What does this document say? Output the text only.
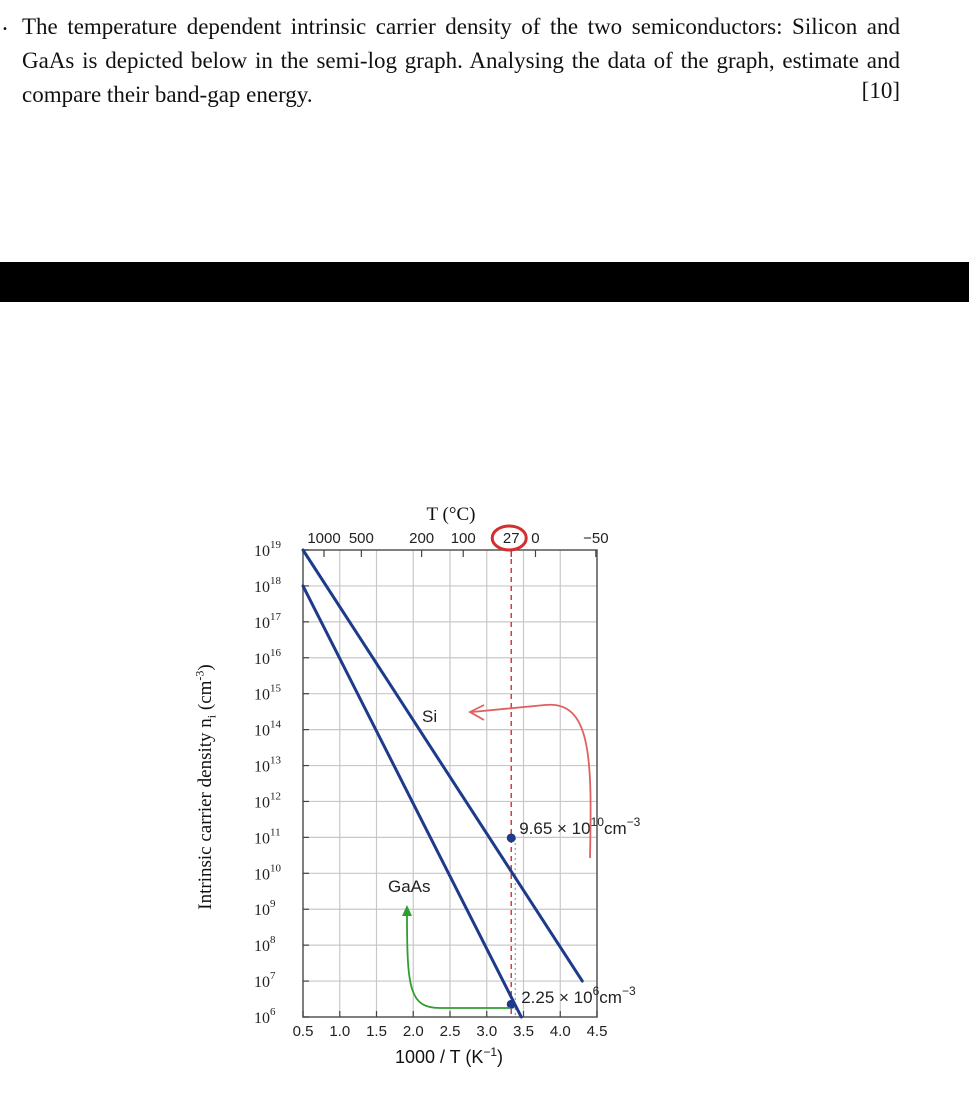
. The temperature dependent intrinsic carrier density of the two semiconductors: Silicon and GaAs is depicted below in the semi-log graph. Analysing the data of the graph, estimate and compare their band-gap energy.	[10]
0.5 1.0 1.5 2.0 2.5 3.0 3.5 4.0 4.5
$10^{19}$
$10^{18}$
$10^{17}$
$10^{16}$
$10^{15}$
$10^{14}$
$10^{13}$
$10^{12}$
$10^{11}$
$10^{10}$
$10^9$
$10^8$
$10^7$
$10^6$
1000 500 200 100 27 0	−50
Si
GaAs
$9.65 \times 10^{10}cm^{-3}$
$2.25 \times 10^6cm^{-3}$
T (°C)
Intrinsic carrier density $n_i$ $(cm^{-3})$
1000 / T $(K^{-1})$
